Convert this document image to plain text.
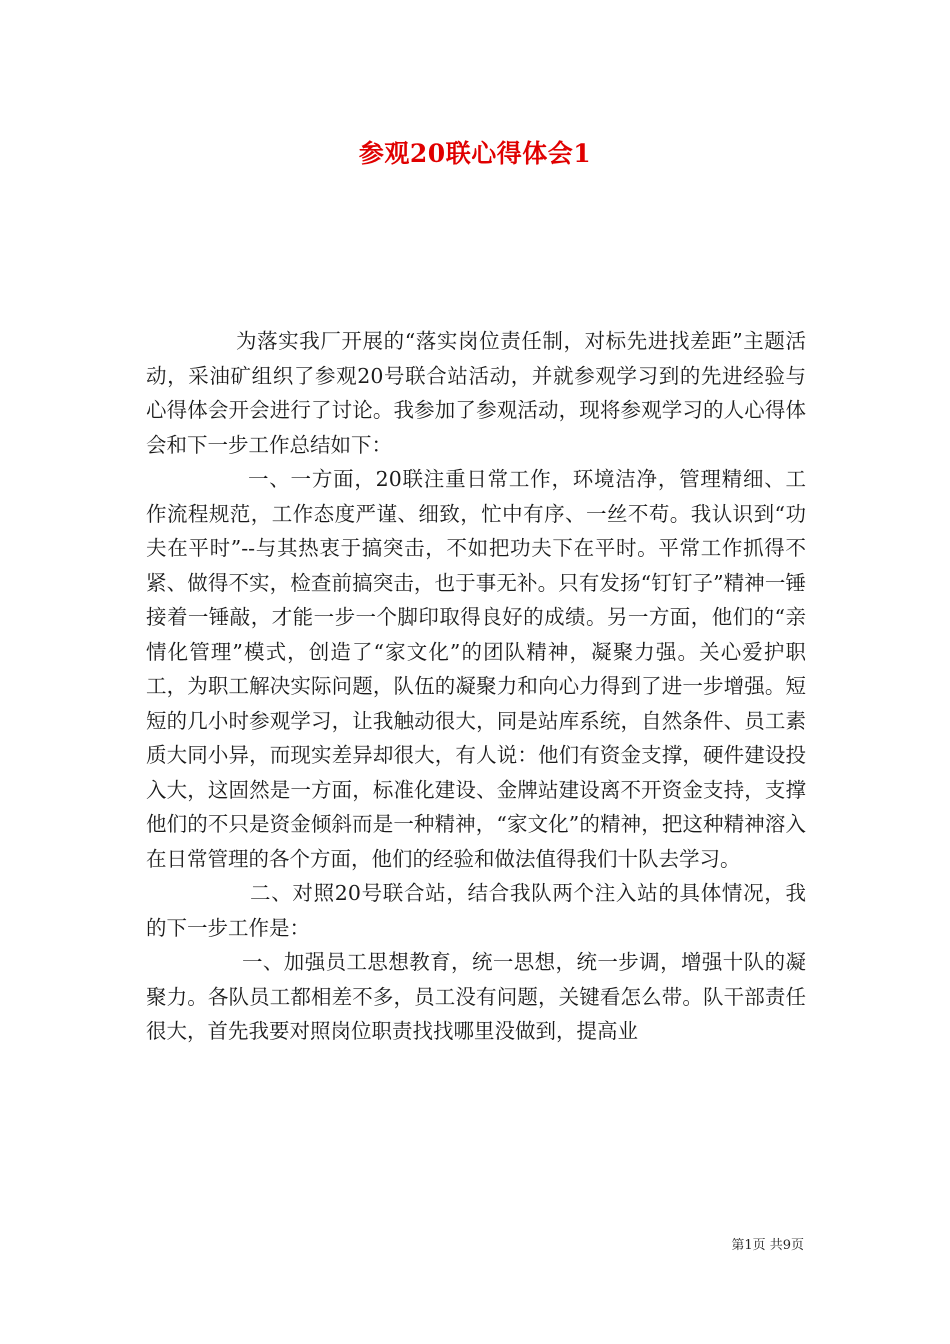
参观20联心得体会1

为落实我厂开展的“落实岗位责任制，对标先进找差距”主题活动，采油矿组织了参观20号联合站活动，并就参观学习到的先进经验与心得体会开会进行了讨论。我参加了参观活动，现将参观学习的人心得体会和下一步工作总结如下：

一、一方面，20联注重日常工作，环境洁净，管理精细、工作流程规范，工作态度严谨、细致，忙中有序、一丝不苟。我认识到“功夫在平时”--与其热衷于搞突击，不如把功夫下在平时。平常工作抓得不紧、做得不实，检查前搞突击，也于事无补。只有发扬“钉钉子”精神一锤接着一锤敲，才能一步一个脚印取得良好的成绩。另一方面，他们的“亲情化管理”模式，创造了“家文化”的团队精神，凝聚力强。关心爱护职工，为职工解决实际问题，队伍的凝聚力和向心力得到了进一步增强。短短的几小时参观学习，让我触动很大，同是站库系统，自然条件、员工素质大同小异，而现实差异却很大，有人说：他们有资金支撑，硬件建设投入大，这固然是一方面，标准化建设、金牌站建设离不开资金支持，支撑他们的不只是资金倾斜而是一种精神，“家文化”的精神，把这种精神溶入在日常管理的各个方面，他们的经验和做法值得我们十队去学习。

二、对照20号联合站，结合我队两个注入站的具体情况，我的下一步工作是：

一、加强员工思想教育，统一思想，统一步调，增强十队的凝聚力。各队员工都相差不多，员工没有问题，关键看怎么带。队干部责任很大，首先我要对照岗位职责找找哪里没做到，提高业

第1页 共9页
